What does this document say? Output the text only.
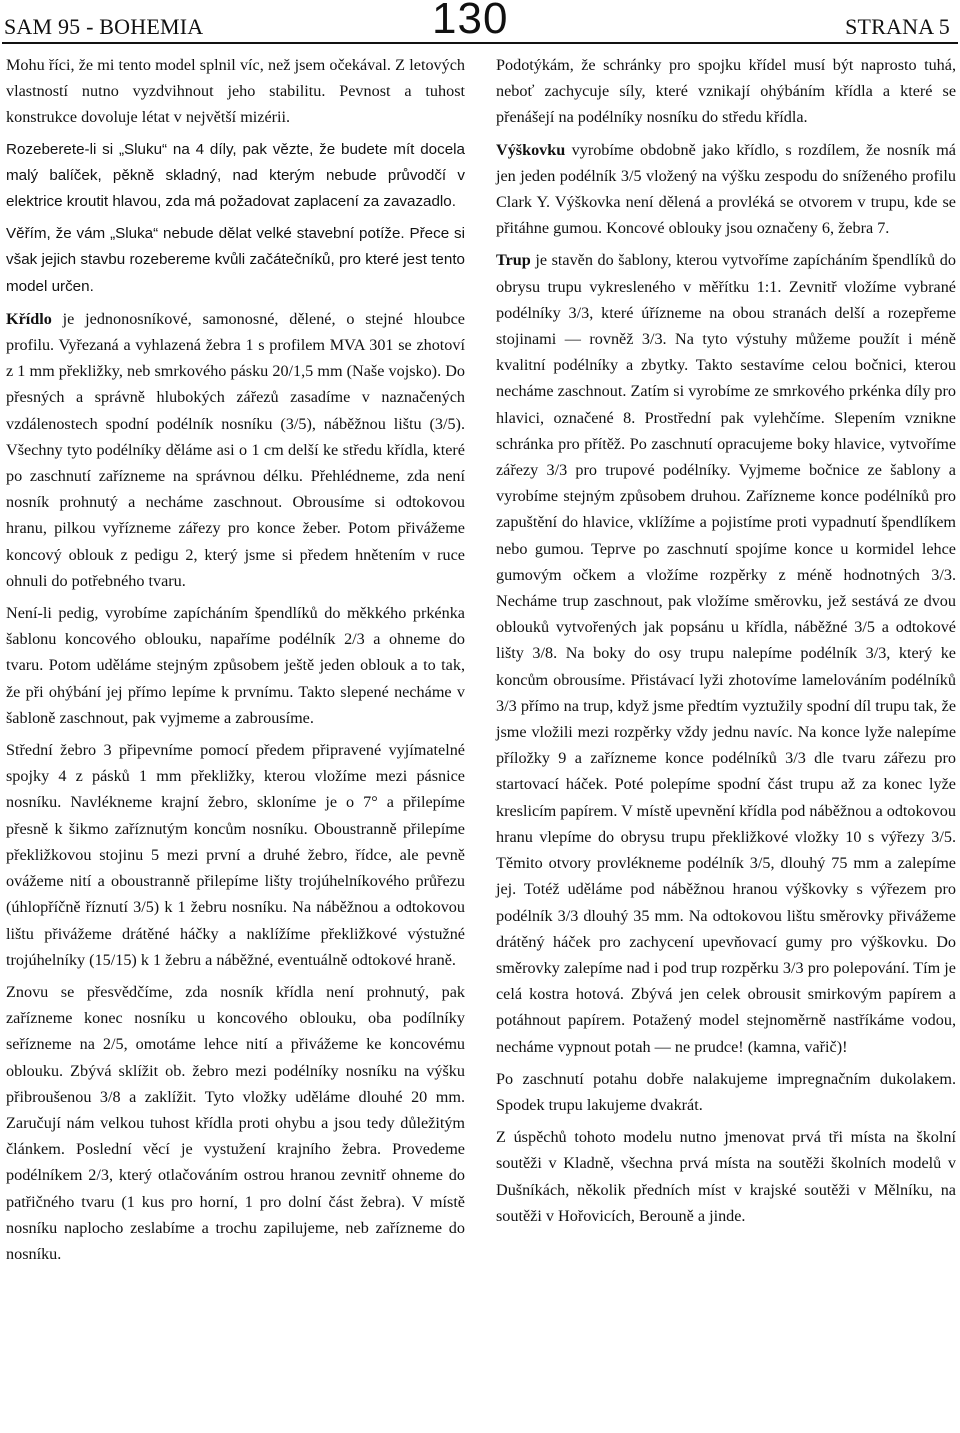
SAM 95 - BOHEMIA	130	STRANA 5

Mohu říci, že mi tento model splnil víc, než jsem očekával. Z letových vlastností nutno vyzdvihnout jeho stabilitu. Pevnost a tuhost konstrukce dovoluje létat v největší mizérii.

Rozeberete-li si „Sluku“ na 4 díly, pak vězte, že budete mít docela malý balíček, pěkně skladný, nad kterým nebude průvodčí v elektrice kroutit hlavou, zda má požadovat zaplacení za zavazadlo.

Věřím, že vám „Sluka“ nebude dělat velké stavební potíže. Přece si však jejich stavbu rozebereme kvůli začátečníků, pro které jest tento model určen.

Křídlo je jednonosníkové, samonosné, dělené, o stejné hloubce profilu. Vyřezaná a vyhlazená žebra 1 s profilem MVA 301 se zhotoví z 1 mm překližky, neb smrkového pásku 20/1,5 mm (Naše vojsko). Do přesných a správně hlubokých zářezů zasadíme v naznačených vzdálenostech spodní podélník nosníku (3/5), náběžnou lištu (3/5). Všechny tyto podélníky děláme asi o 1 cm delší ke středu křídla, které po zaschnutí zařízneme na správnou délku. Přehlédneme, zda není nosník prohnutý a necháme zaschnout. Obrousíme si odtokovou hranu, pilkou vyřízneme zářezy pro konce žeber. Potom přivážeme koncový oblouk z pedigu 2, který jsme si předem hnětením v ruce ohnuli do potřebného tvaru.

Není-li pedig, vyrobíme zapícháním špendlíků do měkkého prkénka šablonu koncového oblouku, napaříme podélník 2/3 a ohneme do tvaru. Potom uděláme stejným způsobem ještě jeden oblouk a to tak, že při ohýbání jej přímo lepíme k prvnímu. Takto slepené necháme v šabloně zaschnout, pak vyjmeme a zabrousíme.

Střední žebro 3 připevníme pomocí předem připravené vyjímatelné spojky 4 z pásků 1 mm překližky, kterou vložíme mezi pásnice nosníku. Navlékneme krajní žebro, skloníme je o 7° a přilepíme přesně k šikmo zaříznutým koncům nosníku. Oboustranně přilepíme překližkovou stojinu 5 mezi první a druhé žebro, řídce, ale pevně ovážeme nití a oboustranně přilepíme lišty trojúhelníkového průřezu (úhlopříčně říznutí 3/5) k 1 žebru nosníku. Na náběžnou a odtokovou lištu přivážeme drátěné háčky a naklížíme překližkové výstužné trojúhelníky (15/15) k 1 žebru a náběžné, eventuálně odtokové hraně.

Znovu se přesvědčíme, zda nosník křídla není prohnutý, pak zařízneme konec nosníku u koncového oblouku, oba podílníky seřízneme na 2/5, omotáme lehce nití a přivážeme ke koncovému oblouku. Zbývá sklížit ob. žebro mezi podélníky nosníku na výšku přibroušenou 3/8 a zaklížit. Tyto vložky uděláme dlouhé 20 mm. Zaručují nám velkou tuhost křídla proti ohybu a jsou tedy důležitým článkem. Poslední věcí je vystužení krajního žebra. Provedeme podélníkem 2/3, který otlačováním ostrou hranou zevnitř ohneme do patřičného tvaru (1 kus pro horní, 1 pro dolní část žebra). V místě nosníku naplocho zeslabíme a trochu zapilujeme, neb zařízneme do nosníku.

Podotýkám, že schránky pro spojku křídel musí být naprosto tuhá, neboť zachycuje síly, které vznikají ohýbáním křídla a které se přenášejí na podélníky nosníku do středu křídla.

Výškovku vyrobíme obdobně jako křídlo, s rozdílem, že nosník má jen jeden podélník 3/5 vložený na výšku zespodu do sníženého profilu Clark Y. Výškovka není dělená a provléká se otvorem v trupu, kde se přitáhne gumou. Koncové oblouky jsou označeny 6, žebra 7.

Trup je stavěn do šablony, kterou vytvoříme zapícháním špendlíků do obrysu trupu vykresleného v měřítku 1:1. Zevnitř vložíme vybrané podélníky 3/3, které úřízneme na obou stranách delší a rozepřeme stojinami — rovněž 3/3. Na tyto výstuhy můžeme použít i méně kvalitní podélníky a zbytky. Takto sestavíme celou bočnici, kterou necháme zaschnout. Zatím si vyrobíme ze smrkového prkénka díly pro hlavici, označené 8. Prostřední pak vylehčíme. Slepením vznikne schránka pro přítěž. Po zaschnutí opracujeme boky hlavice, vytvoříme zářezy 3/3 pro trupové podélníky. Vyjmeme bočnice ze šablony a vyrobíme stejným způsobem druhou. Zařízneme konce podélníků pro zapuštění do hlavice, vklížíme a pojistíme proti vypadnutí špendlíkem nebo gumou. Teprve po zaschnutí spojíme konce u kormidel lehce gumovým očkem a vložíme rozpěrky z méně hodnotných 3/3. Necháme trup zaschnout, pak vložíme směrovku, jež sestává ze dvou oblouků vytvořených jak popsánu u křídla, náběžné 3/5 a odtokové lišty 3/8. Na boky do osy trupu nalepíme podélník 3/3, který ke koncům obrousíme. Přistávací lyži zhotovíme lamelováním podélníků 3/3 přímo na trup, když jsme předtím vyztužily spodní díl trupu tak, že jsme vložili mezi rozpěrky vždy jednu navíc. Na konce lyže nalepíme příložky 9 a zařízneme konce podélníků 3/3 dle tvaru zářezu pro startovací háček. Poté polepíme spodní část trupu až za konec lyže kreslicím papírem. V místě upevnění křídla pod náběžnou a odtokovou hranu vlepíme do obrysu trupu překližkové vložky 10 s výřezy 3/5. Těmito otvory provlékneme podélník 3/5, dlouhý 75 mm a zalepíme jej. Totéž uděláme pod náběžnou hranou výškovky s výřezem pro podélník 3/3 dlouhý 35 mm. Na odtokovou lištu směrovky přivážeme drátěný háček pro zachycení upevňovací gumy pro výškovku. Do směrovky zalepíme nad i pod trup rozpěrku 3/3 pro polepování. Tím je celá kostra hotová. Zbývá jen celek obrousit smirkovým papírem a potáhnout papírem. Potažený model stejnoměrně nastříkáme vodou, necháme vypnout potah — ne prudce! (kamna, vařič)!

Po zaschnutí potahu dobře nalakujeme impregnačním dukolakem. Spodek trupu lakujeme dvakrát.

Z úspěchů tohoto modelu nutno jmenovat prvá tři místa na školní soutěži v Kladně, všechna prvá místa na soutěži školních modelů v Dušníkách, několik předních míst v krajské soutěži v Mělníku, na soutěži v Hořovicích, Berouně a jinde.
